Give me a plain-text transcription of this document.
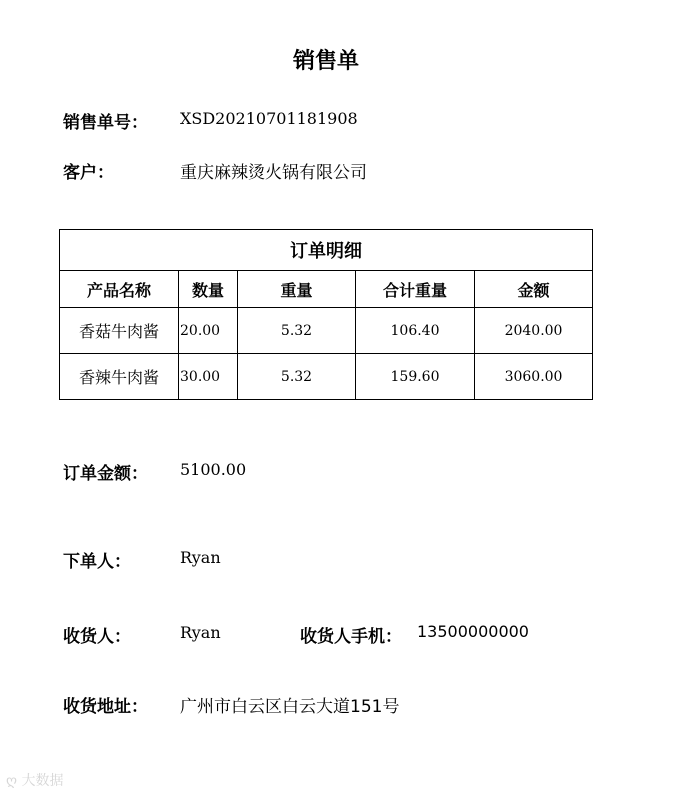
销售单
销售单号： XSD20210701181908
客户：	重庆麻辣烫火锅有限公司
订单明细				
产品名称	数量	重量	合计重量	金额
香菇牛肉酱	20.00	5.32	106.40	2040.00
香辣牛肉酱	30.00	5.32	159.60	3060.00
订单金额： 5100.00
下单人：	Ryan
收货人：	Ryan	收货人手机： 13500000000
收货地址： 广州市白云区白云大道151号
ღ 大数据
